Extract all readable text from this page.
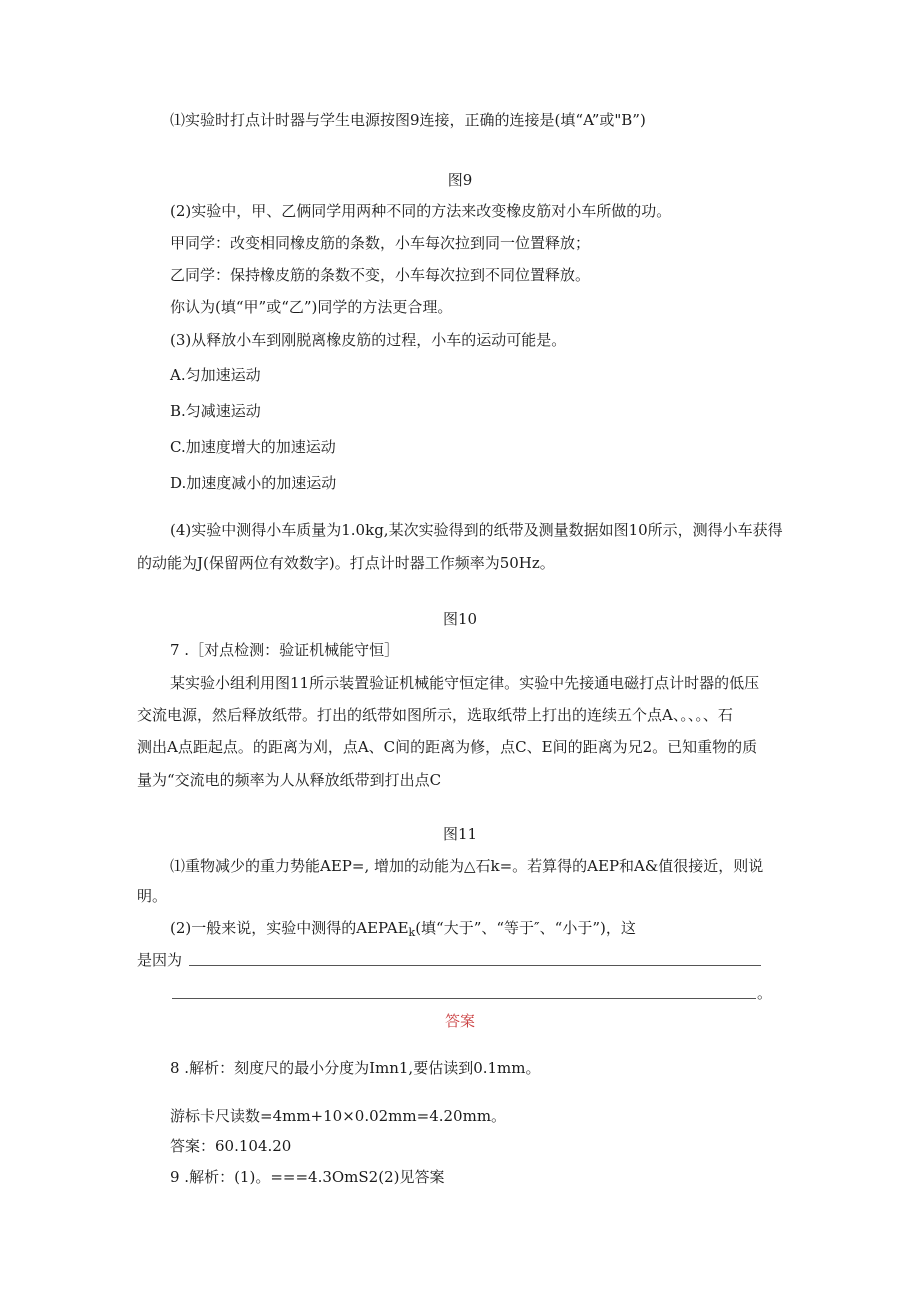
⑴实验时打点计时器与学生电源按图9连接，正确的连接是(填“A”或"B”)
图9
(2)实验中，甲、乙俩同学用两种不同的方法来改变橡皮筋对小车所做的功。
甲同学：改变相同橡皮筋的条数，小车每次拉到同一位置释放；
乙同学：保持橡皮筋的条数不变，小车每次拉到不同位置释放。
你认为(填“甲”或“乙”)同学的方法更合理。
(3)从释放小车到刚脱离橡皮筋的过程，小车的运动可能是。
A.匀加速运动
B.匀减速运动
C.加速度增大的加速运动
D.加速度减小的加速运动
(4)实验中测得小车质量为1.0kg,某次实验得到的纸带及测量数据如图10所示，测得小车获得
的动能为J(保留两位有效数字)。打点计时器工作频率为50Hz。
图10
7 .［对点检测：验证机械能守恒］
某实验小组利用图11所示装置验证机械能守恒定律。实验中先接通电磁打点计时器的低压
交流电源，然后释放纸带。打出的纸带如图所示，选取纸带上打出的连续五个点A、。、。、石
测出A点距起点。的距离为刈，点A、C间的距离为修，点C、E间的距离为兄2。已知重物的质
量为“交流电的频率为人从释放纸带到打出点C
图11
⑴重物减少的重力势能AEP=, 增加的动能为△石k=。若算得的AEP和A&值很接近，则说
明。
(2)一般来说，实验中测得的$AEPAE_k$(填“大于”、“等于″、“小于”)，这
是因为
。
答案
8 .解析：刻度尺的最小分度为Imn1,要估读到0.1mm。
游标卡尺读数=4mm+10×0.02mm=4.20mm。
答案：60.104.20
9 .解析：(1)。===4.3OmS2(2)见答案
